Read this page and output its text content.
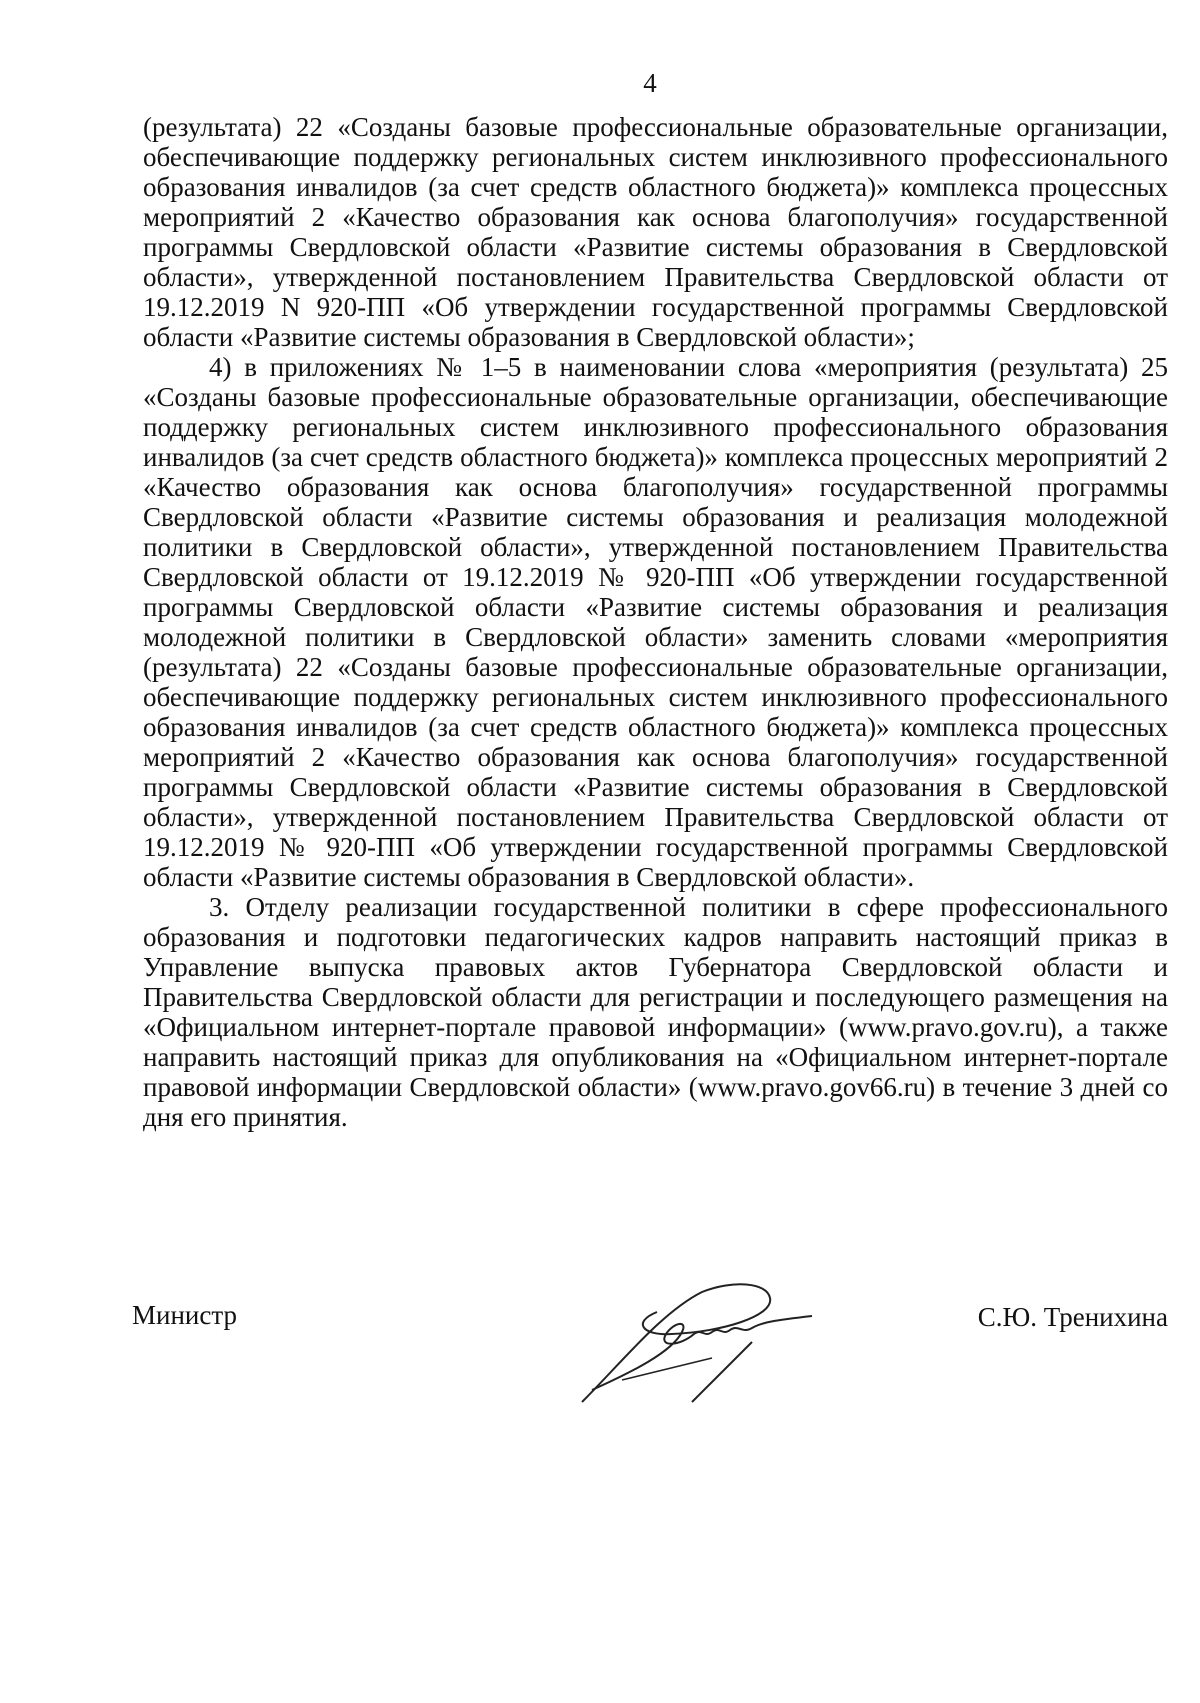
4

(результата) 22 «Созданы базовые профессиональные образовательные организации, обеспечивающие поддержку региональных систем инклюзивного профессионального образования инвалидов (за счет средств областного бюджета)» комплекса процессных мероприятий 2 «Качество образования как основа благополучия» государственной программы Свердловской области «Развитие системы образования в Свердловской области», утвержденной постановлением Правительства Свердловской области от 19.12.2019 N 920-ПП «Об утверждении государственной программы Свердловской области «Развитие системы образования в Свердловской области»;

4) в приложениях № 1–5 в наименовании слова «мероприятия (результата) 25 «Созданы базовые профессиональные образовательные организации, обеспечивающие поддержку региональных систем инклюзивного профессионального образования инвалидов (за счет средств областного бюджета)» комплекса процессных мероприятий 2 «Качество образования как основа благополучия» государственной программы Свердловской области «Развитие системы образования и реализация молодежной политики в Свердловской области», утвержденной постановлением Правительства Свердловской области от 19.12.2019 № 920-ПП «Об утверждении государственной программы Свердловской области «Развитие системы образования и реализация молодежной политики в Свердловской области» заменить словами «мероприятия (результата) 22 «Созданы базовые профессиональные образовательные организации, обеспечивающие поддержку региональных систем инклюзивного профессионального образования инвалидов (за счет средств областного бюджета)» комплекса процессных мероприятий 2 «Качество образования как основа благополучия» государственной программы Свердловской области «Развитие системы образования в Свердловской области», утвержденной постановлением Правительства Свердловской области от 19.12.2019 № 920-ПП «Об утверждении государственной программы Свердловской области «Развитие системы образования в Свердловской области».

3. Отделу реализации государственной политики в сфере профессионального образования и подготовки педагогических кадров направить настоящий приказ в Управление выпуска правовых актов Губернатора Свердловской области и Правительства Свердловской области для регистрации и последующего размещения на «Официальном интернет-портале правовой информации» (www.pravo.gov.ru), а также направить настоящий приказ для опубликования на «Официальном интернет-портале правовой информации Свердловской области» (www.pravo.gov66.ru) в течение 3 дней со дня его принятия.

Министр	С.Ю. Тренихина
